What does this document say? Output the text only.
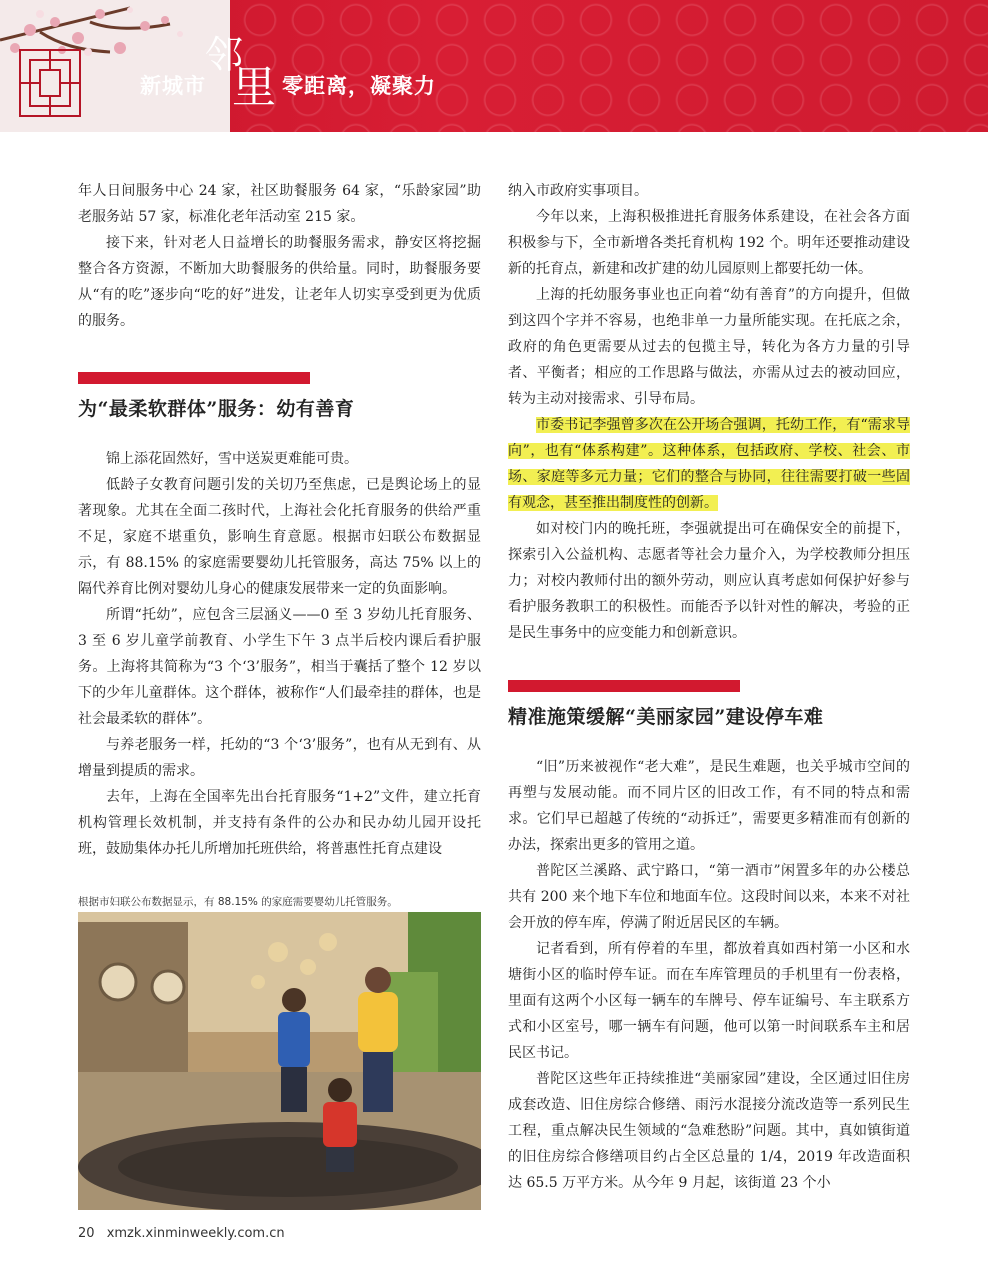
新城市
邻
里 零距离，凝聚力

年人日间服务中心 24 家，社区助餐服务 64 家，“乐龄家园”助老服务站 57 家，标准化老年活动室 215 家。

接下来，针对老人日益增长的助餐服务需求，静安区将挖掘整合各方资源，不断加大助餐服务的供给量。同时，助餐服务要从“有的吃”逐步向“吃的好”进发，让老年人切实享受到更为优质的服务。

为“最柔软群体”服务：幼有善育

锦上添花固然好，雪中送炭更难能可贵。

低龄子女教育问题引发的关切乃至焦虑，已是舆论场上的显著现象。尤其在全面二孩时代，上海社会化托育服务的供给严重不足，家庭不堪重负，影响生育意愿。根据市妇联公布数据显示，有 88.15% 的家庭需要婴幼儿托管服务，高达 75% 以上的隔代养育比例对婴幼儿身心的健康发展带来一定的负面影响。

所谓“托幼”，应包含三层涵义——0 至 3 岁幼儿托育服务、3 至 6 岁儿童学前教育、小学生下午 3 点半后校内课后看护服务。上海将其简称为“3 个‘3’服务”，相当于囊括了整个 12 岁以下的少年儿童群体。这个群体，被称作“人们最牵挂的群体，也是社会最柔软的群体”。

与养老服务一样，托幼的“3 个‘3’服务”，也有从无到有、从增量到提质的需求。

去年，上海在全国率先出台托育服务“1+2”文件，建立托育机构管理长效机制，并支持有条件的公办和民办幼儿园开设托班，鼓励集体办托儿所增加托班供给，将普惠性托育点建设

根据市妇联公布数据显示，有 88.15% 的家庭需要婴幼儿托管服务。

纳入市政府实事项目。

今年以来，上海积极推进托育服务体系建设，在社会各方面积极参与下，全市新增各类托育机构 192 个。明年还要推动建设新的托育点，新建和改扩建的幼儿园原则上都要托幼一体。

上海的托幼服务事业也正向着“幼有善育”的方向提升，但做到这四个字并不容易，也绝非单一力量所能实现。在托底之余，政府的角色更需要从过去的包揽主导，转化为各方力量的引导者、平衡者；相应的工作思路与做法，亦需从过去的被动回应，转为主动对接需求、引导布局。

市委书记李强曾多次在公开场合强调，托幼工作，有“需求导向”，也有“体系构建”。这种体系，包括政府、学校、社会、市场、家庭等多元力量；它们的整合与协同，往往需要打破一些固有观念，甚至推出制度性的创新。

如对校门内的晚托班，李强就提出可在确保安全的前提下，探索引入公益机构、志愿者等社会力量介入，为学校教师分担压力；对校内教师付出的额外劳动，则应认真考虑如何保护好参与看护服务教职工的积极性。而能否予以针对性的解决，考验的正是民生事务中的应变能力和创新意识。

精准施策缓解“美丽家园”建设停车难

“旧”历来被视作“老大难”，是民生难题，也关乎城市空间的再塑与发展动能。而不同片区的旧改工作，有不同的特点和需求。它们早已超越了传统的“动拆迁”，需要更多精准而有创新的办法，探索出更多的管用之道。

普陀区兰溪路、武宁路口，“第一酒市”闲置多年的办公楼总共有 200 来个地下车位和地面车位。这段时间以来，本来不对社会开放的停车库，停满了附近居民区的车辆。

记者看到，所有停着的车里，都放着真如西村第一小区和水塘街小区的临时停车证。而在车库管理员的手机里有一份表格，里面有这两个小区每一辆车的车牌号、停车证编号、车主联系方式和小区室号，哪一辆车有问题，他可以第一时间联系车主和居民区书记。

普陀区这些年正持续推进“美丽家园”建设，全区通过旧住房成套改造、旧住房综合修缮、雨污水混接分流改造等一系列民生工程，重点解决民生领域的“急难愁盼”问题。其中，真如镇街道的旧住房综合修缮项目约占全区总量的 1/4，2019 年改造面积达 65.5 万平方米。从今年 9 月起，该街道 23 个小

20 xmzk.xinminweekly.com.cn
